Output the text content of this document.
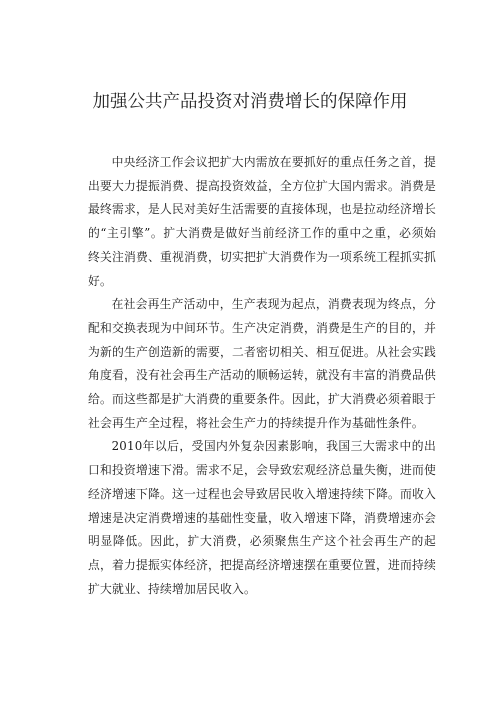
加强公共产品投资对消费增长的保障作用

中央经济工作会议把扩大内需放在要抓好的重点任务之首，提出要大力提振消费、提高投资效益，全方位扩大国内需求。消费是最终需求，是人民对美好生活需要的直接体现，也是拉动经济增长的“主引擎”。扩大消费是做好当前经济工作的重中之重，必须始终关注消费、重视消费，切实把扩大消费作为一项系统工程抓实抓好。

在社会再生产活动中，生产表现为起点，消费表现为终点，分配和交换表现为中间环节。生产决定消费，消费是生产的目的，并为新的生产创造新的需要，二者密切相关、相互促进。从社会实践角度看，没有社会再生产活动的顺畅运转，就没有丰富的消费品供给。而这些都是扩大消费的重要条件。因此，扩大消费必须着眼于社会再生产全过程，将社会生产力的持续提升作为基础性条件。

2010年以后，受国内外复杂因素影响，我国三大需求中的出口和投资增速下滑。需求不足，会导致宏观经济总量失衡，进而使经济增速下降。这一过程也会导致居民收入增速持续下降。而收入增速是决定消费增速的基础性变量，收入增速下降，消费增速亦会明显降低。因此，扩大消费，必须聚焦生产这个社会再生产的起点，着力提振实体经济，把提高经济增速摆在重要位置，进而持续扩大就业、持续增加居民收入。
